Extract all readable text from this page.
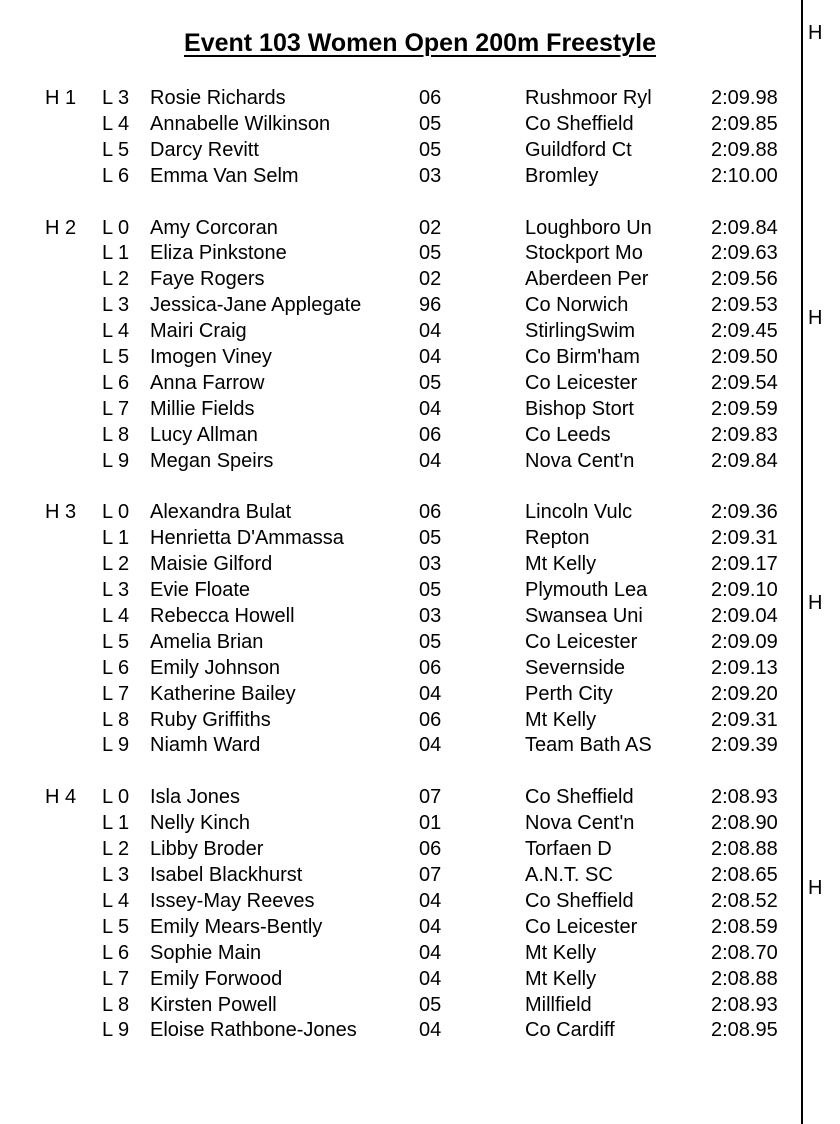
Event 103 Women Open 200m Freestyle	H
H
H
H
H 1 L 3 Rosie Richards	06	Rushmoor Ryl	2:09.98
L 4 Annabelle Wilkinson	05	Co Sheffield	2:09.85
L 5 Darcy Revitt	05	Guildford Ct	2:09.88
L 6 Emma Van Selm	03	Bromley	2:10.00
H 2 L 0 Amy Corcoran	02	Loughboro Un	2:09.84
L 1 Eliza Pinkstone	05	Stockport Mo	2:09.63
L 2 Faye Rogers	02	Aberdeen Per	2:09.56
L 3 Jessica-Jane Applegate	96	Co Norwich	2:09.53
L 4 Mairi Craig	04	StirlingSwim	2:09.45
L 5 Imogen Viney	04	Co Birm'ham	2:09.50
L 6 Anna Farrow	05	Co Leicester	2:09.54
L 7 Millie Fields	04	Bishop Stort	2:09.59
L 8 Lucy Allman	06	Co Leeds	2:09.83
L 9 Megan Speirs	04	Nova Cent'n	2:09.84
H 3 L 0 Alexandra Bulat	06	Lincoln Vulc	2:09.36
L 1 Henrietta D'Ammassa	05	Repton	2:09.31
L 2 Maisie Gilford	03	Mt Kelly	2:09.17
L 3 Evie Floate	05	Plymouth Lea	2:09.10
L 4 Rebecca Howell	03	Swansea Uni	2:09.04
L 5 Amelia Brian	05	Co Leicester	2:09.09
L 6 Emily Johnson	06	Severnside	2:09.13
L 7 Katherine Bailey	04	Perth City	2:09.20
L 8 Ruby Griffiths	06	Mt Kelly	2:09.31
L 9 Niamh Ward	04	Team Bath AS	2:09.39
H 4 L 0 Isla Jones	07	Co Sheffield	2:08.93
L 1 Nelly Kinch	01	Nova Cent'n	2:08.90
L 2 Libby Broder	06	Torfaen D	2:08.88
L 3 Isabel Blackhurst	07	A.N.T. SC	2:08.65
L 4 Issey-May Reeves	04	Co Sheffield	2:08.52
L 5 Emily Mears-Bently	04	Co Leicester	2:08.59
L 6 Sophie Main	04	Mt Kelly	2:08.70
L 7 Emily Forwood	04	Mt Kelly	2:08.88
L 8 Kirsten Powell	05	Millfield	2:08.93
L 9 Eloise Rathbone-Jones	04	Co Cardiff	2:08.95
